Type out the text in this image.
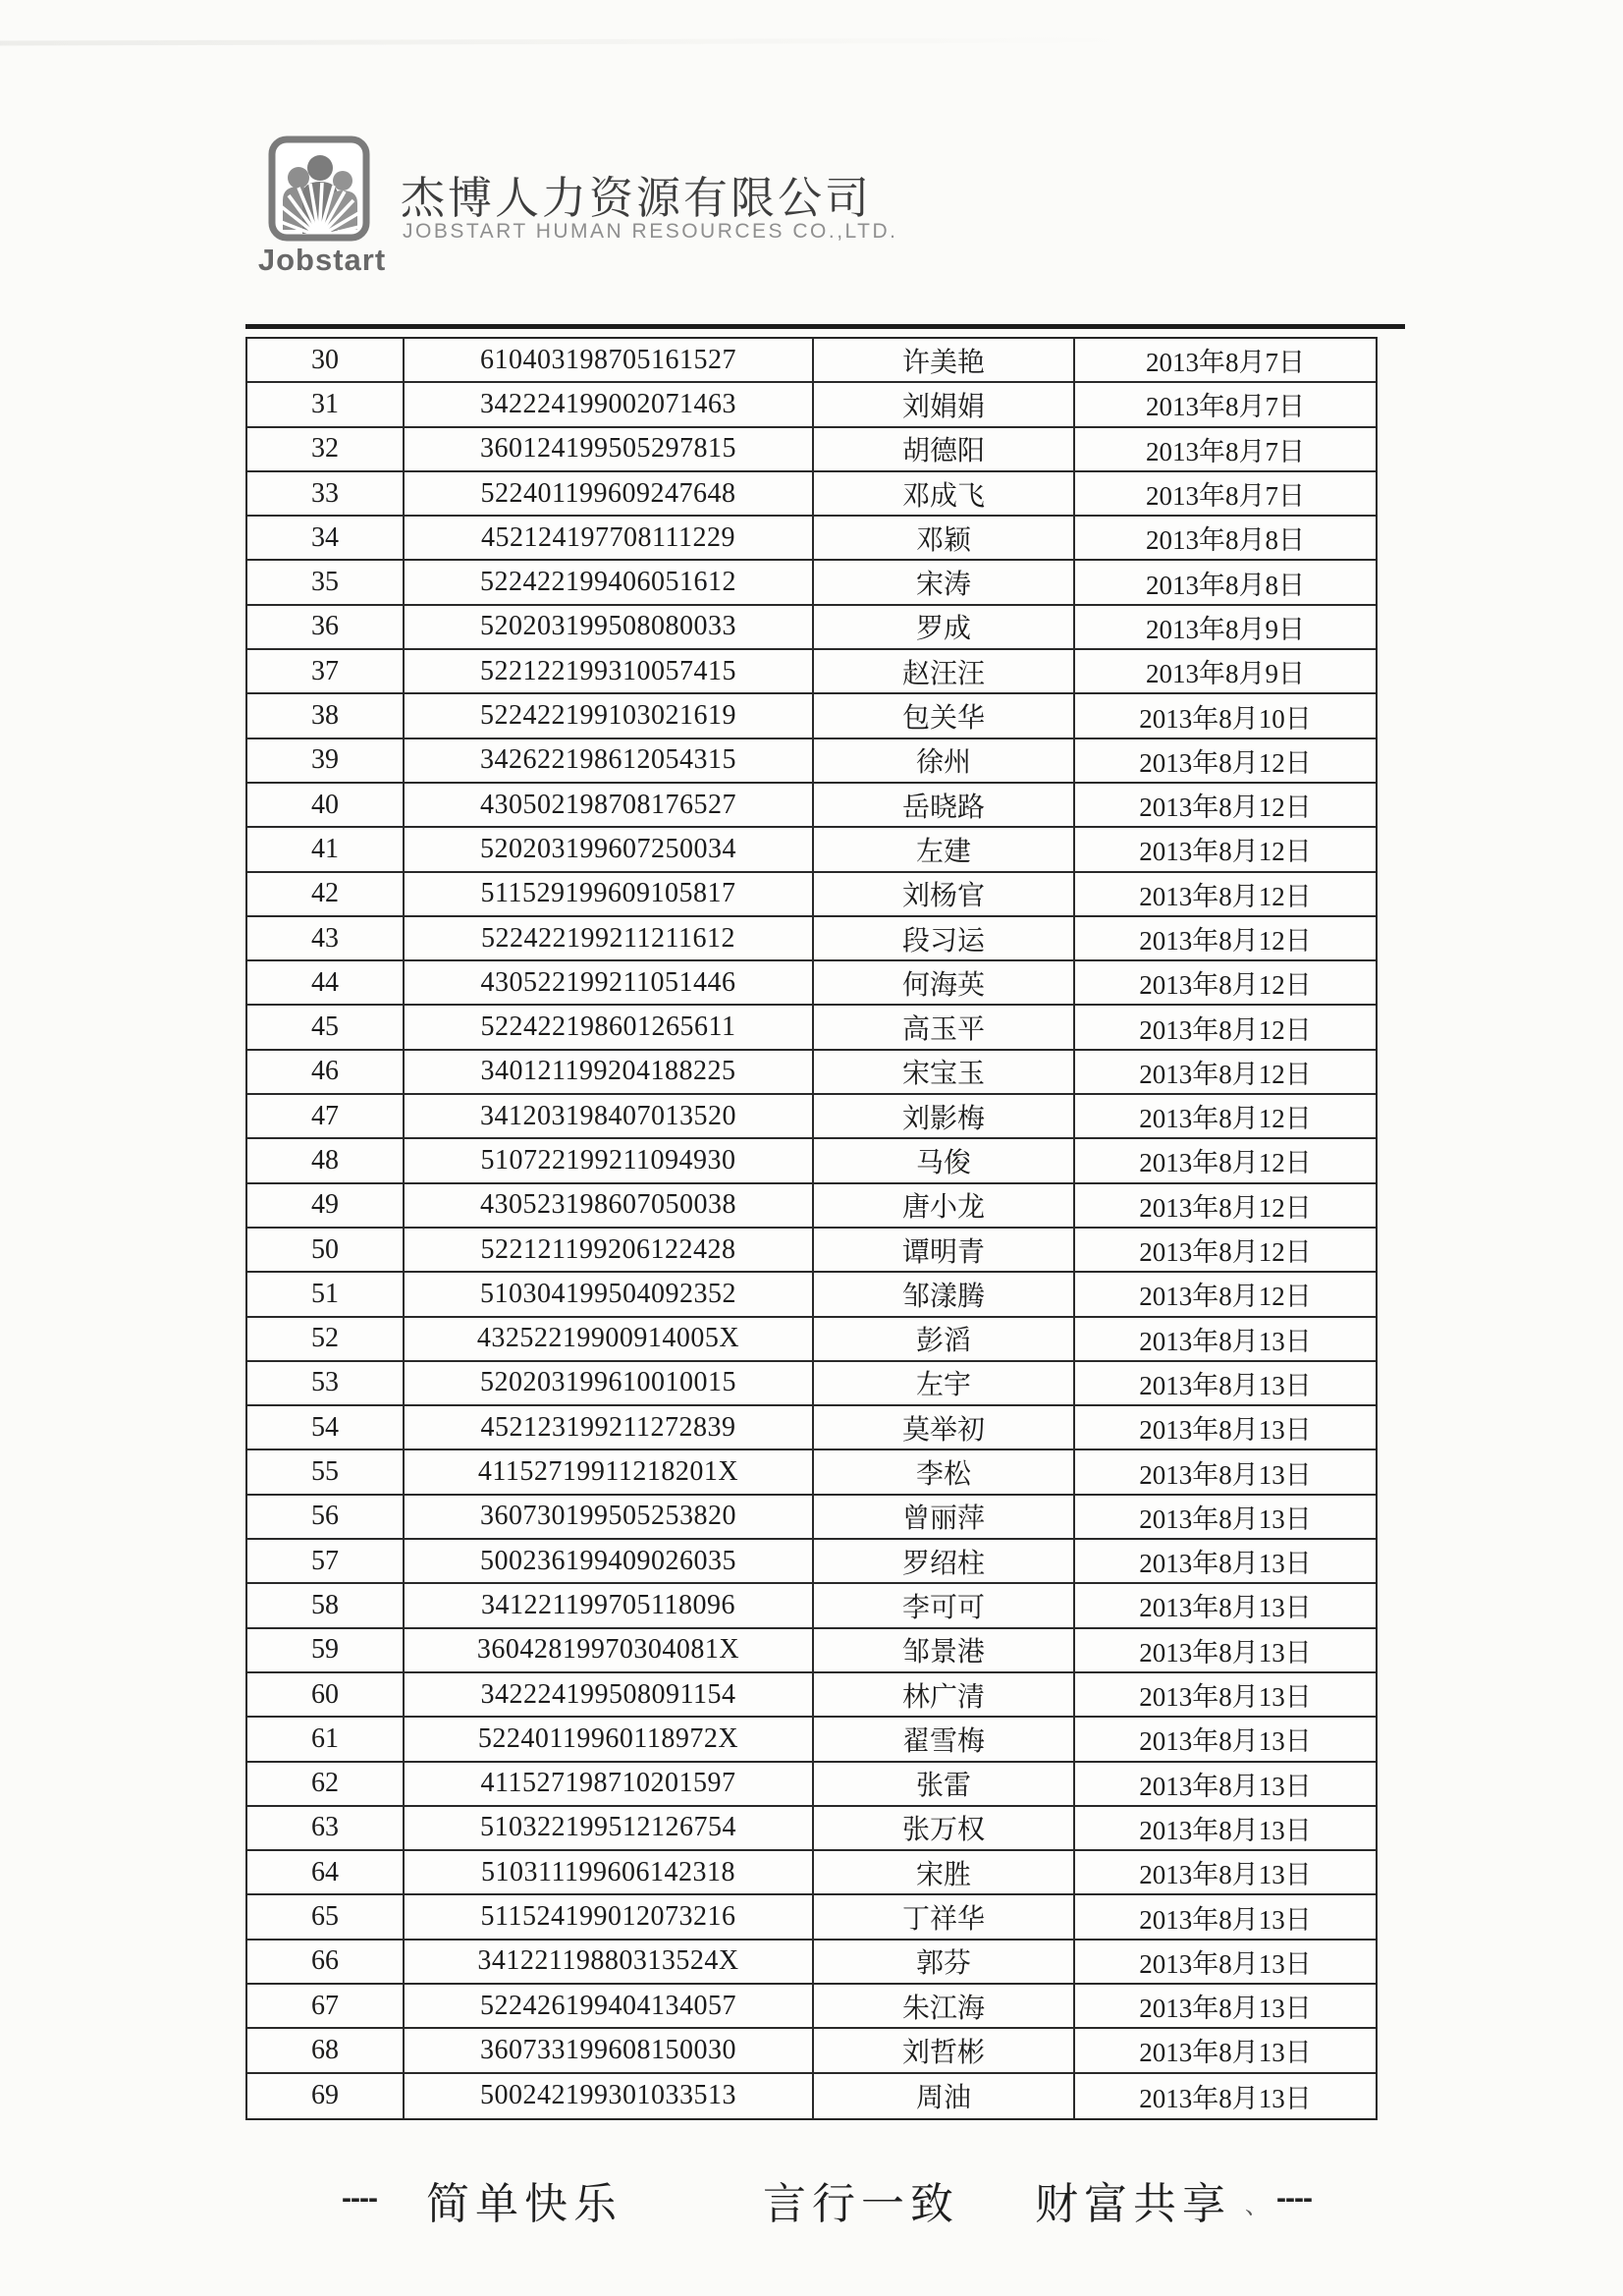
Jobstart
杰博人力资源有限公司
JOBSTART HUMAN RESOURCES CO.,LTD.
30	610403198705161527	许美艳	2013年8月7日
31	342224199002071463	刘娟娟	2013年8月7日
32	360124199505297815	胡德阳	2013年8月7日
33	522401199609247648	邓成飞	2013年8月7日
34	452124197708111229	邓颖	2013年8月8日
35	522422199406051612	宋涛	2013年8月8日
36	520203199508080033	罗成	2013年8月9日
37	522122199310057415	赵汪汪	2013年8月9日
38	522422199103021619	包关华	2013年8月10日
39	342622198612054315	徐州	2013年8月12日
40	430502198708176527	岳晓路	2013年8月12日
41	520203199607250034	左建	2013年8月12日
42	511529199609105817	刘杨官	2013年8月12日
43	522422199211211612	段习运	2013年8月12日
44	430522199211051446	何海英	2013年8月12日
45	522422198601265611	高玉平	2013年8月12日
46	340121199204188225	宋宝玉	2013年8月12日
47	341203198407013520	刘影梅	2013年8月12日
48	510722199211094930	马俊	2013年8月12日
49	430523198607050038	唐小龙	2013年8月12日
50	522121199206122428	谭明青	2013年8月12日
51	510304199504092352	邹漾腾	2013年8月12日
52	43252219900914005X	彭滔	2013年8月13日
53	520203199610010015	左宇	2013年8月13日
54	452123199211272839	莫举初	2013年8月13日
55	41152719911218201X	李松	2013年8月13日
56	360730199505253820	曾丽萍	2013年8月13日
57	500236199409026035	罗绍柱	2013年8月13日
58	341221199705118096	李可可	2013年8月13日
59	36042819970304081X	邹景港	2013年8月13日
60	342224199508091154	林广清	2013年8月13日
61	52240119960118972X	翟雪梅	2013年8月13日
62	411527198710201597	张雷	2013年8月13日
63	510322199512126754	张万权	2013年8月13日
64	510311199606142318	宋胜	2013年8月13日
65	511524199012073216	丁祥华	2013年8月13日
66	34122119880313524X	郭芬	2013年8月13日
67	522426199404134057	朱江海	2013年8月13日
68	360733199608150030	刘哲彬	2013年8月13日
69	500242199301033513	周油	2013年8月13日
---- 简单快乐	言行一致 财富共享 、 ----
